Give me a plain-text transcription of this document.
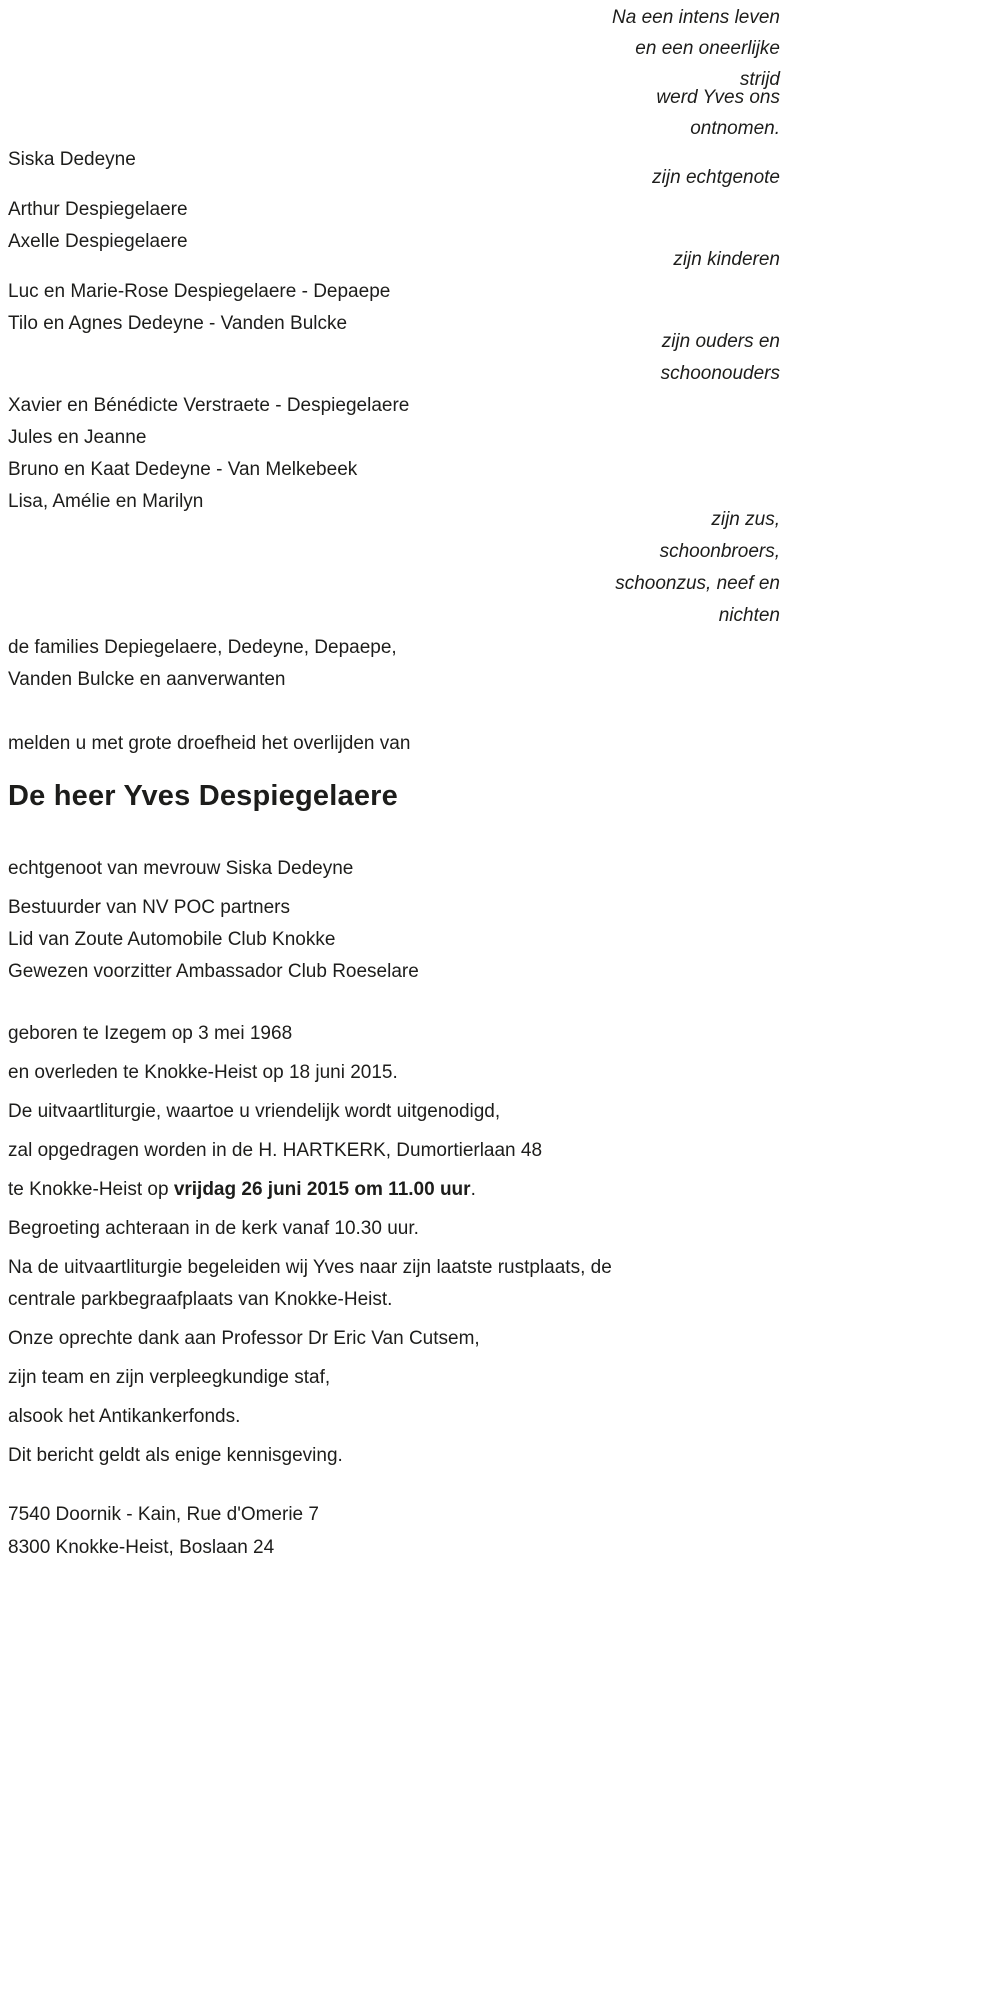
Na een intens leven
en een oneerlijke
strijd
werd Yves ons
ontnomen.
Siska Dedeyne
zijn echtgenote
Arthur Despiegelaere
Axelle Despiegelaere
zijn kinderen
Luc en Marie-Rose Despiegelaere - Depaepe
Tilo en Agnes Dedeyne - Vanden Bulcke
zijn ouders en
schoonouders
Xavier en Bénédicte Verstraete - Despiegelaere
Jules en Jeanne
Bruno en Kaat Dedeyne - Van Melkebeek
Lisa, Amélie en Marilyn
zijn zus,
schoonbroers,
schoonzus, neef en
nichten
de families Depiegelaere, Dedeyne, Depaepe,
Vanden Bulcke en aanverwanten
melden u met grote droefheid het overlijden van
De heer Yves Despiegelaere
echtgenoot van mevrouw Siska Dedeyne
Bestuurder van NV POC partners
Lid van Zoute Automobile Club Knokke
Gewezen voorzitter Ambassador Club Roeselare

geboren te Izegem op 3 mei 1968

en overleden te Knokke-Heist op 18 juni 2015.

De uitvaartliturgie, waartoe u vriendelijk wordt uitgenodigd,

zal opgedragen worden in de H. HARTKERK, Dumortierlaan 48

te Knokke-Heist op vrijdag 26 juni 2015 om 11.00 uur.

Begroeting achteraan in de kerk vanaf 10.30 uur.

Na de uitvaartliturgie begeleiden wij Yves naar zijn laatste rustplaats, de
centrale parkbegraafplaats van Knokke-Heist.

Onze oprechte dank aan Professor Dr Eric Van Cutsem,

zijn team en zijn verpleegkundige staf,

alsook het Antikankerfonds.

Dit bericht geldt als enige kennisgeving.

7540 Doornik - Kain, Rue d'Omerie 7
8300 Knokke-Heist, Boslaan 24
